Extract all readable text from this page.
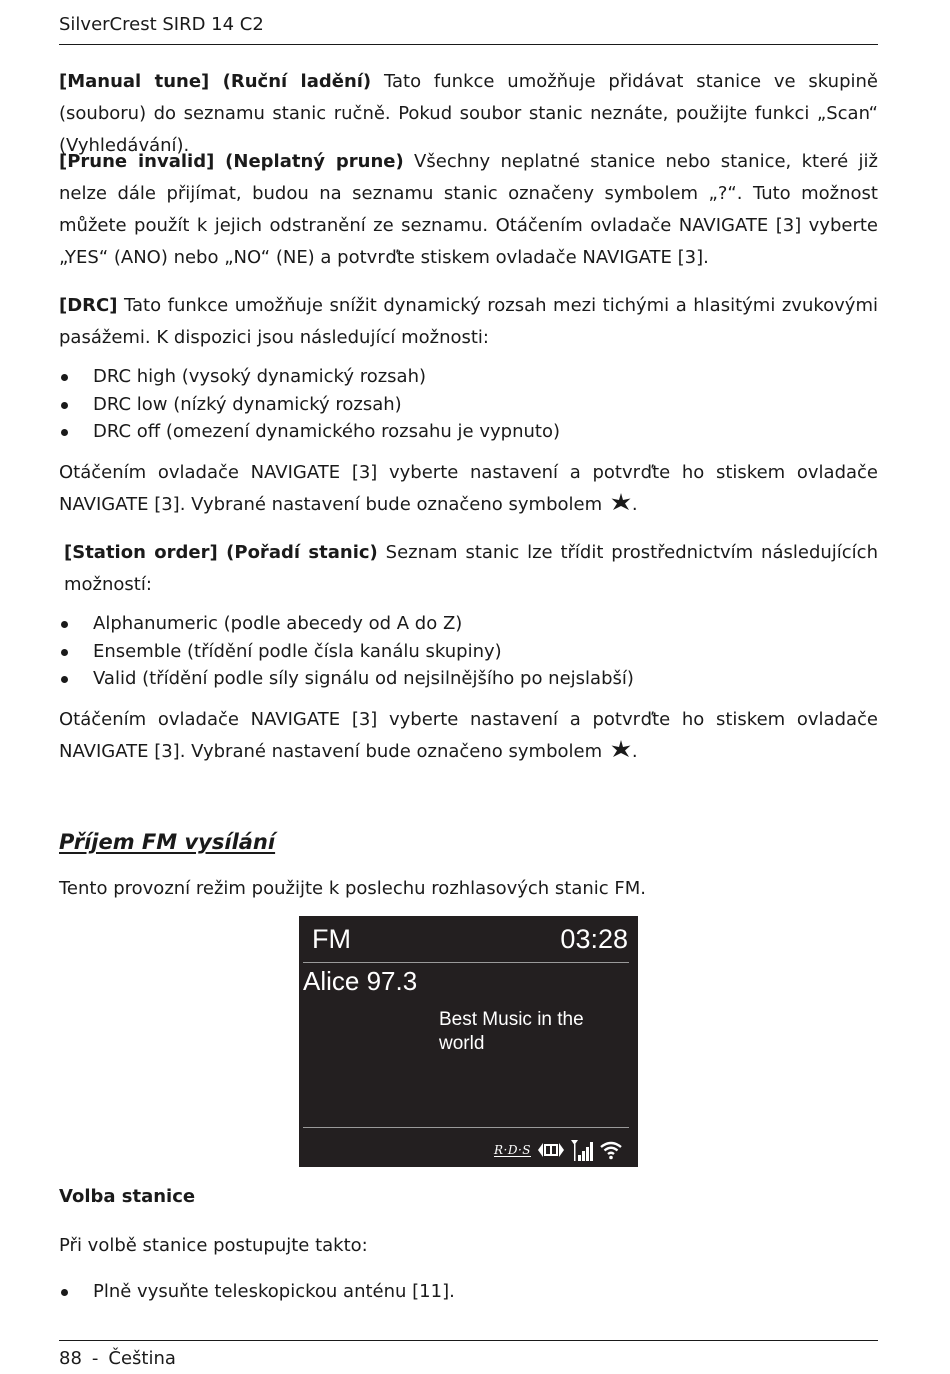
SilverCrest SIRD 14 C2

[Manual tune] (Ruční ladění) Tato funkce umožňuje přidávat stanice ve skupině (souboru) do seznamu stanic ručně. Pokud soubor stanic neznáte, použijte funkci „Scan“ (Vyhledávání).

[Prune invalid] (Neplatný prune) Všechny neplatné stanice nebo stanice, které již nelze dále přijímat, budou na seznamu stanic označeny symbolem „?“. Tuto možnost můžete použít k jejich odstranění ze seznamu. Otáčením ovladače NAVIGATE [3] vyberte „YES“ (ANO) nebo „NO“ (NE) a potvrďte stiskem ovladače NAVIGATE [3].

[DRC] Tato funkce umožňuje snížit dynamický rozsah mezi tichými a hlasitými zvukovými pasážemi. K dispozici jsou následující možnosti:

DRC high (vysoký dynamický rozsah)
DRC low (nízký dynamický rozsah)
DRC off (omezení dynamického rozsahu je vypnuto)

Otáčením ovladače NAVIGATE [3] vyberte nastavení a potvrďte ho stiskem ovladače NAVIGATE [3]. Vybrané nastavení bude označeno symbolem .

[Station order] (Pořadí stanic) Seznam stanic lze třídit prostřednictvím následujících možností:

Alphanumeric (podle abecedy od A do Z)
Ensemble (třídění podle čísla kanálu skupiny)
Valid (třídění podle síly signálu od nejsilnějšího po nejslabší)

Otáčením ovladače NAVIGATE [3] vyberte nastavení a potvrďte ho stiskem ovladače NAVIGATE [3]. Vybrané nastavení bude označeno symbolem .

Příjem FM vysílání

Tento provozní režim použijte k poslechu rozhlasových stanic FM.

FM	03:28
Alice 97.3
Best Music in the world
R·D·S
Volba stanice

Při volbě stanice postupujte takto:

Plně vysuňte teleskopickou anténu [11].
88 - Čeština
